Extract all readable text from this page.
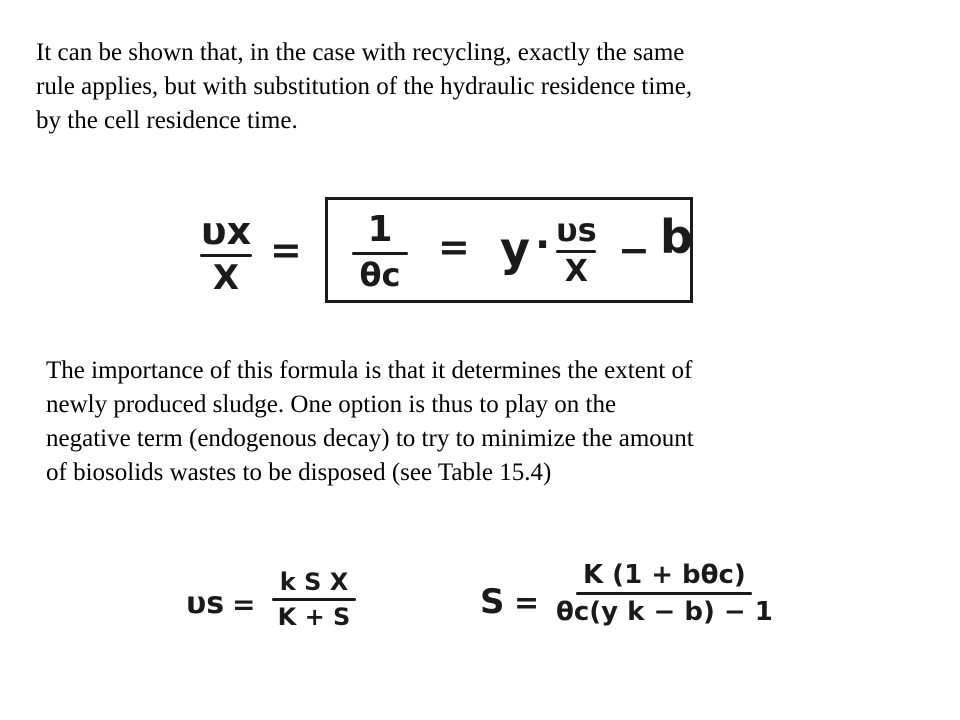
It can be shown that, in the case with recycling, exactly the same
rule applies, but with substitution of the hydraulic residence time,
by the cell residence time.

υx
X
= 1
θc
= y · υs
X − b

The importance of this formula is that it determines the extent of
newly produced sludge. One option is thus to play on the
negative term (endogenous decay) to try to minimize the amount
of biosolids wastes to be disposed (see Table 15.4)

υs =
k S X
K + S	S =
K (1 + bθc)
θc(y k − b) − 1
